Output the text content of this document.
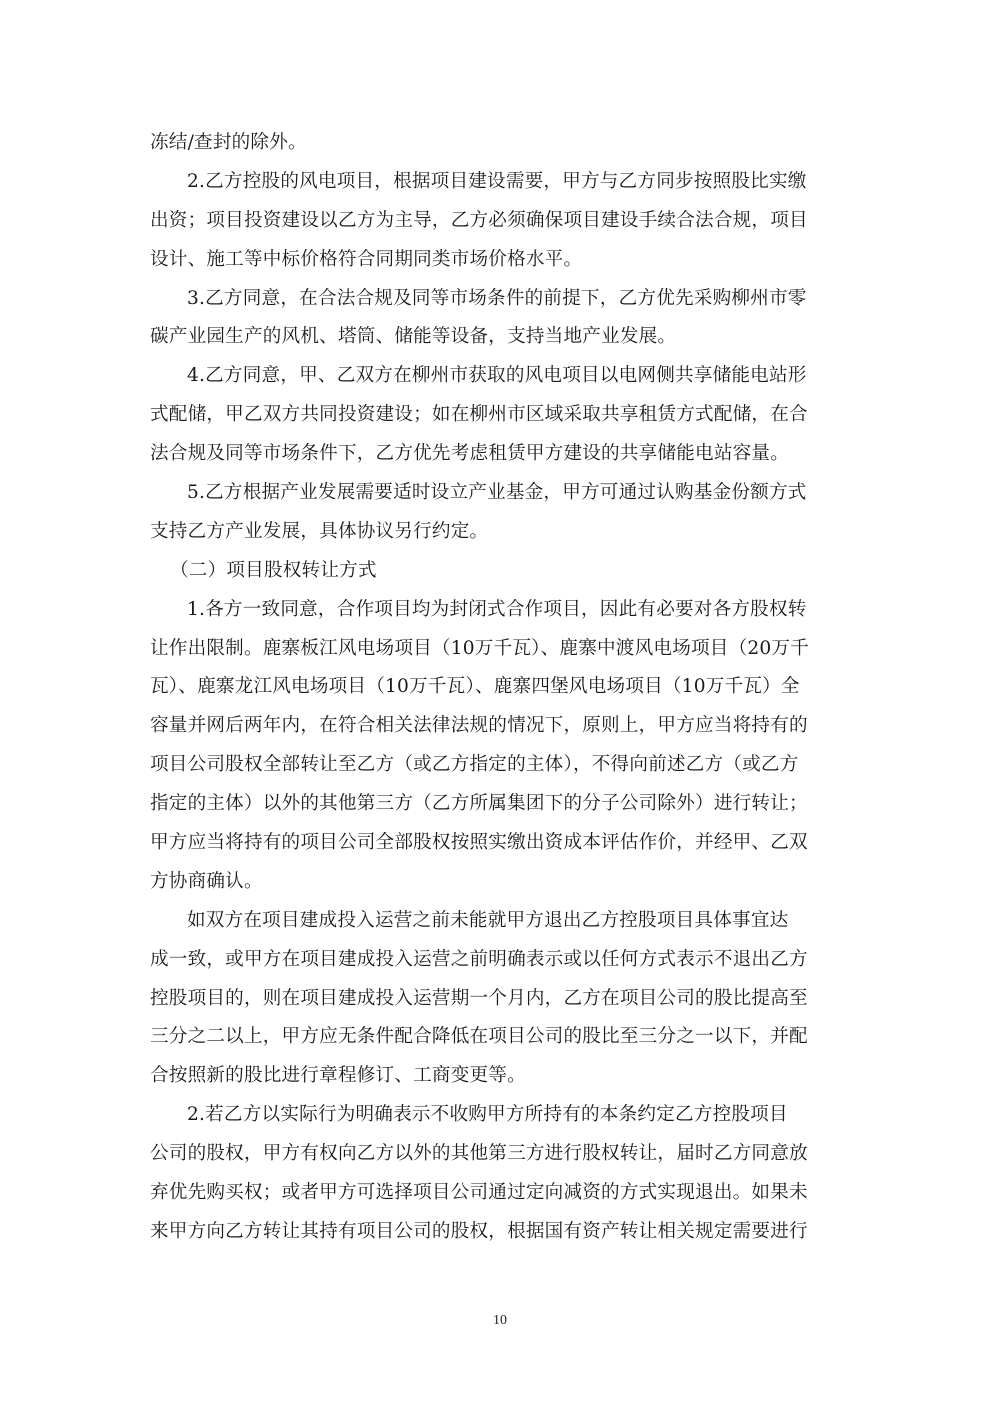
冻结/查封的除外。
2.乙方控股的风电项目，根据项目建设需要，甲方与乙方同步按照股比实缴
出资；项目投资建设以乙方为主导，乙方必须确保项目建设手续合法合规，项目
设计、施工等中标价格符合同期同类市场价格水平。
3.乙方同意，在合法合规及同等市场条件的前提下，乙方优先采购柳州市零
碳产业园生产的风机、塔筒、储能等设备，支持当地产业发展。
4.乙方同意，甲、乙双方在柳州市获取的风电项目以电网侧共享储能电站形
式配储，甲乙双方共同投资建设；如在柳州市区域采取共享租赁方式配储，在合
法合规及同等市场条件下，乙方优先考虑租赁甲方建设的共享储能电站容量。
5.乙方根据产业发展需要适时设立产业基金，甲方可通过认购基金份额方式
支持乙方产业发展，具体协议另行约定。
（二）项目股权转让方式
1.各方一致同意，合作项目均为封闭式合作项目，因此有必要对各方股权转
让作出限制。鹿寨板江风电场项目（10万千瓦）、鹿寨中渡风电场项目（20万千
瓦）、鹿寨龙江风电场项目（10万千瓦）、鹿寨四堡风电场项目（10万千瓦）全
容量并网后两年内，在符合相关法律法规的情况下，原则上，甲方应当将持有的
项目公司股权全部转让至乙方（或乙方指定的主体），不得向前述乙方（或乙方
指定的主体）以外的其他第三方（乙方所属集团下的分子公司除外）进行转让；
甲方应当将持有的项目公司全部股权按照实缴出资成本评估作价，并经甲、乙双
方协商确认。
如双方在项目建成投入运营之前未能就甲方退出乙方控股项目具体事宜达
成一致，或甲方在项目建成投入运营之前明确表示或以任何方式表示不退出乙方
控股项目的，则在项目建成投入运营期一个月内，乙方在项目公司的股比提高至
三分之二以上，甲方应无条件配合降低在项目公司的股比至三分之一以下，并配
合按照新的股比进行章程修订、工商变更等。
2.若乙方以实际行为明确表示不收购甲方所持有的本条约定乙方控股项目
公司的股权，甲方有权向乙方以外的其他第三方进行股权转让，届时乙方同意放
弃优先购买权；或者甲方可选择项目公司通过定向减资的方式实现退出。如果未
来甲方向乙方转让其持有项目公司的股权，根据国有资产转让相关规定需要进行
10
